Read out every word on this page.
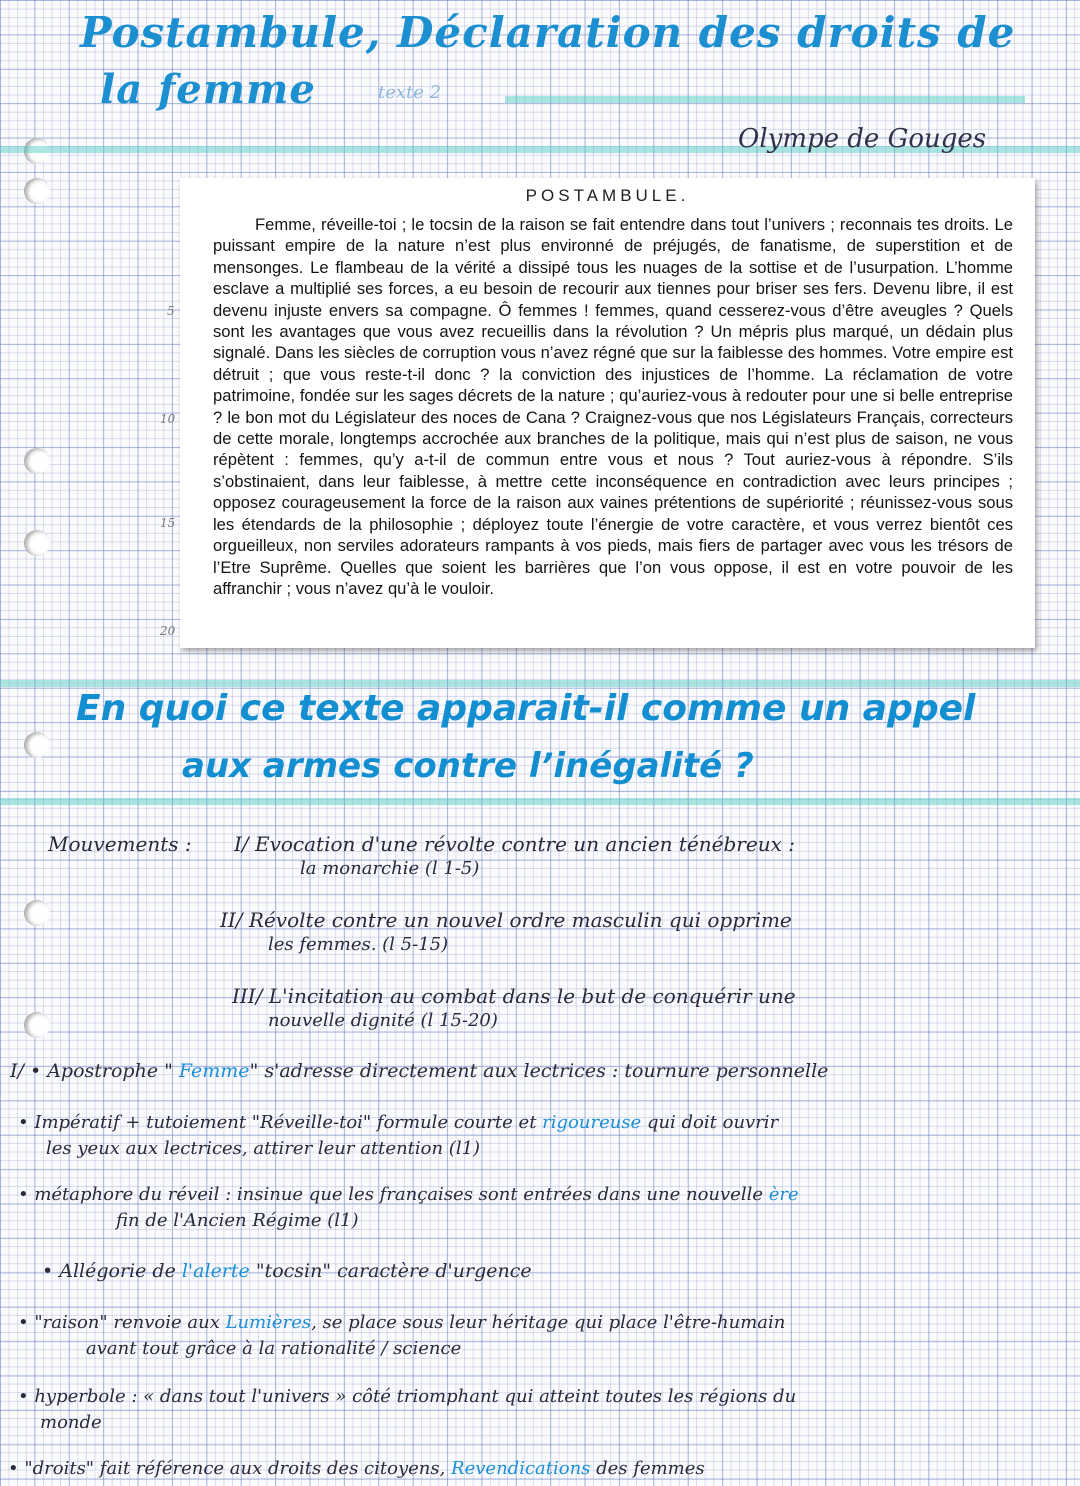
Postambule, Déclaration des droits de
la femme	texte 2
Olympe de Gouges
POSTAMBULE.
Femme, réveille-toi ; le tocsin de la raison se fait entendre dans tout l’univers ; reconnais tes droits. Le puissant empire de la nature n’est plus environné de préjugés, de fanatisme, de superstition et de mensonges. Le flambeau de la vérité a dissipé tous les nuages de la sottise et de l’usurpation. L’homme esclave a multiplié ses forces, a eu besoin de recourir aux tiennes pour briser ses fers. Devenu libre, il est devenu injuste envers sa compagne. Ô femmes ! femmes, quand cesserez-vous d’être aveugles ? Quels sont les avantages que vous avez recueillis dans la révolution ? Un mépris plus marqué, un dédain plus signalé. Dans les siècles de corruption vous n’avez régné que sur la faiblesse des hommes. Votre empire est détruit ; que vous reste-t-il donc ? la conviction des injustices de l’homme. La réclamation de votre patrimoine, fondée sur les sages décrets de la nature ; qu’auriez-vous à redouter pour une si belle entreprise ? le bon mot du Législateur des noces de Cana ? Craignez-vous que nos Législateurs Français, correcteurs de cette morale, longtemps accrochée aux branches de la politique, mais qui n’est plus de saison, ne vous répètent : femmes, qu’y a-t-il de commun entre vous et nous ? Tout auriez-vous à répondre. S’ils s’obstinaient, dans leur faiblesse, à mettre cette inconséquence en contradiction avec leurs principes ; opposez courageusement la force de la raison aux vaines prétentions de supériorité ; réunissez-vous sous les étendards de la philosophie ; déployez toute l’énergie de votre caractère, et vous verrez bientôt ces orgueilleux, non serviles adorateurs rampants à vos pieds, mais fiers de partager avec vous les trésors de l’Etre Suprême. Quelles que soient les barrières que l’on vous oppose, il est en votre pouvoir de les affranchir ; vous n’avez qu’à le vouloir.
5
10
15
20
En quoi ce texte apparait-il comme un appel
aux armes contre l’inégalité ?
Mouvements : I/ Evocation d'une révolte contre un ancien ténébreux :
la monarchie (l 1-5)
II/ Révolte contre un nouvel ordre masculin qui opprime
les femmes. (l 5-15)
III/ L'incitation au combat dans le but de conquérir une
nouvelle dignité (l 15-20)
I/ • Apostrophe " Femme" s'adresse directement aux lectrices : tournure personnelle
• Impératif + tutoiement "Réveille-toi" formule courte et rigoureuse qui doit ouvrir
les yeux aux lectrices, attirer leur attention (l1)
• métaphore du réveil : insinue que les françaises sont entrées dans une nouvelle ère
fin de l'Ancien Régime (l1)
• Allégorie de l'alerte "tocsin" caractère d'urgence
• "raison" renvoie aux Lumières, se place sous leur héritage qui place l'être-humain
avant tout grâce à la rationalité / science
• hyperbole : « dans tout l'univers » côté triomphant qui atteint toutes les régions du
monde
• "droits" fait référence aux droits des citoyens, Revendications des femmes
